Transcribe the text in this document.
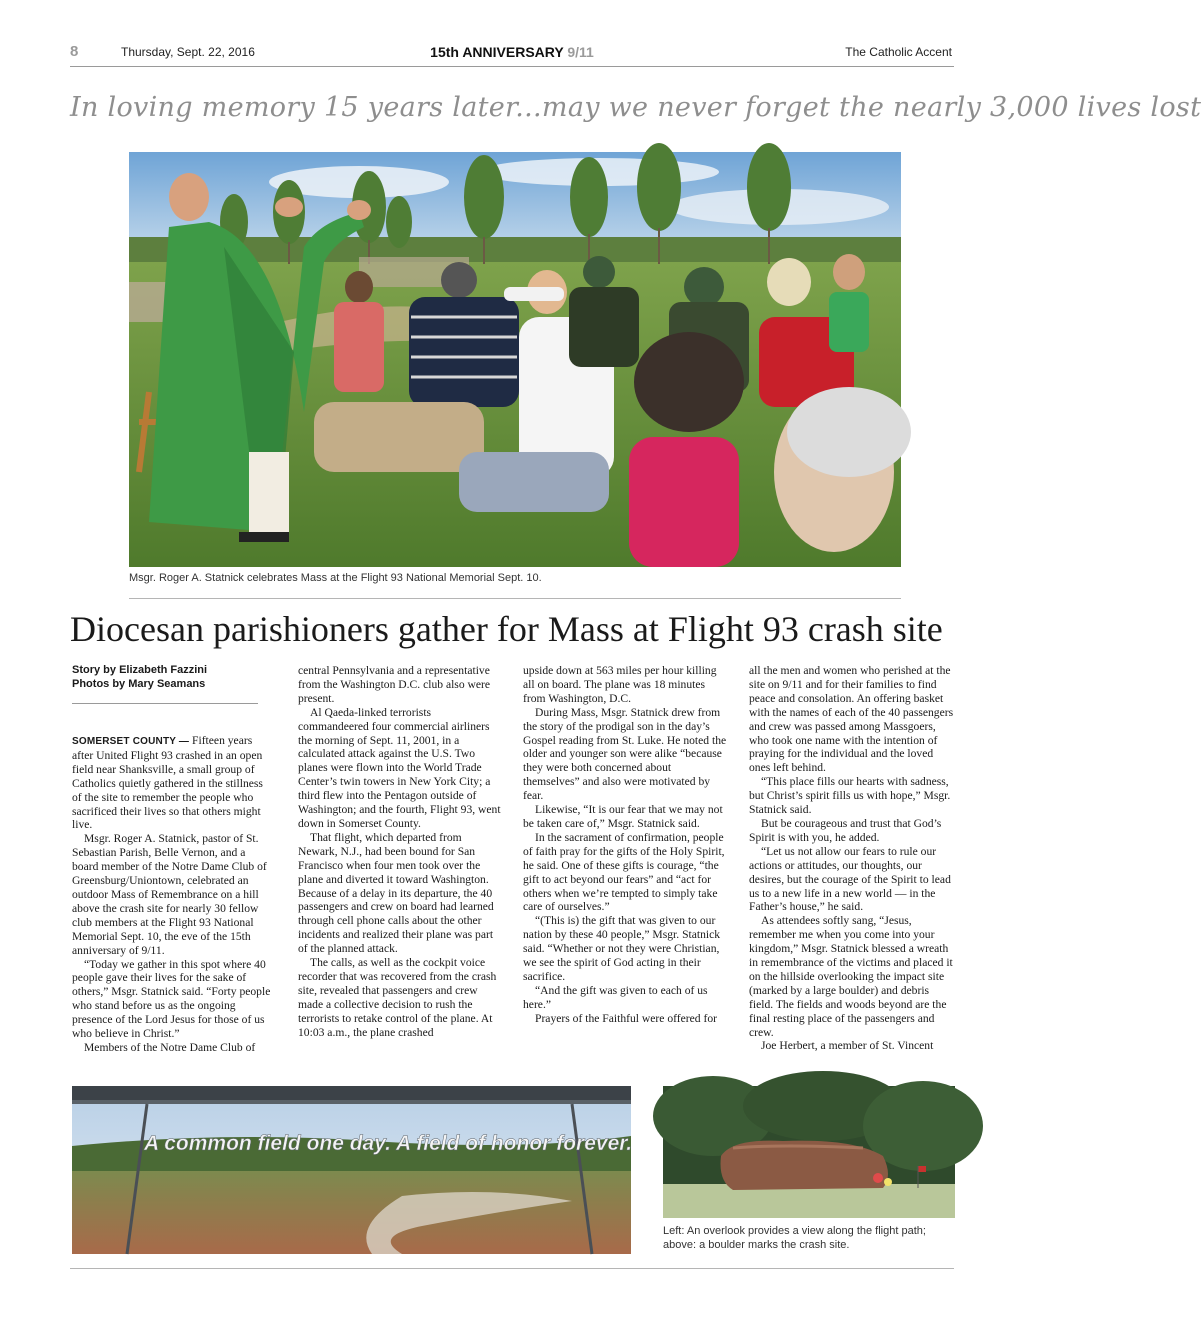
8	Thursday, Sept. 22, 2016	15th ANNIVERSARY 9/11	The Catholic Accent
In loving memory 15 years later...may we never forget the nearly 3,000 lives lost
Msgr. Roger A. Statnick celebrates Mass at the Flight 93 National Memorial Sept. 10.
Diocesan parishioners gather for Mass at Flight 93 crash site
Story by Elizabeth Fazzini
Photos by Mary Seamans

SOMERSET COUNTY — Fifteen years after United Flight 93 crashed in an open field near Shanksville, a small group of Catholics quietly gathered in the stillness of the site to remember the people who sacrificed their lives so that others might live.

Msgr. Roger A. Statnick, pastor of St. Sebastian Parish, Belle Vernon, and a board member of the Notre Dame Club of Greensburg/Uniontown, celebrated an outdoor Mass of Remembrance on a hill above the crash site for nearly 30 fellow club members at the Flight 93 National Memorial Sept. 10, the eve of the 15th anniversary of 9/11.

“Today we gather in this spot where 40 people gave their lives for the sake of others,” Msgr. Statnick said. “Forty people who stand before us as the ongoing presence of the Lord Jesus for those of us who believe in Christ.”

Members of the Notre Dame Club of

central Pennsylvania and a representative from the Washington D.C. club also were present.

Al Qaeda-linked terrorists commandeered four commercial airliners the morning of Sept. 11, 2001, in a calculated attack against the U.S. Two planes were flown into the World Trade Center’s twin towers in New York City; a third flew into the Pentagon outside of Washington; and the fourth, Flight 93, went down in Somerset County.

That flight, which departed from Newark, N.J., had been bound for San Francisco when four men took over the plane and diverted it toward Washington. Because of a delay in its departure, the 40 passengers and crew on board had learned through cell phone calls about the other incidents and realized their plane was part of the planned attack.

The calls, as well as the cockpit voice recorder that was recovered from the crash site, revealed that passengers and crew made a collective decision to rush the terrorists to retake control of the plane. At 10:03 a.m., the plane crashed

upside down at 563 miles per hour killing all on board. The plane was 18 minutes from Washington, D.C.

During Mass, Msgr. Statnick drew from the story of the prodigal son in the day’s Gospel reading from St. Luke. He noted the older and younger son were alike “because they were both concerned about themselves” and also were motivated by fear.

Likewise, “It is our fear that we may not be taken care of,” Msgr. Statnick said.

In the sacrament of confirmation, people of faith pray for the gifts of the Holy Spirit, he said. One of these gifts is courage, “the gift to act beyond our fears” and “act for others when we’re tempted to simply take care of ourselves.”

“(This is) the gift that was given to our nation by these 40 people,” Msgr. Statnick said. “Whether or not they were Christian, we see the spirit of God acting in their sacrifice.

“And the gift was given to each of us here.”

Prayers of the Faithful were offered for

all the men and women who perished at the site on 9/11 and for their families to find peace and consolation. An offering basket with the names of each of the 40 passengers and crew was passed among Massgoers, who took one name with the intention of praying for the individual and the loved ones left behind.

“This place fills our hearts with sadness, but Christ’s spirit fills us with hope,” Msgr. Statnick said.

But be courageous and trust that God’s Spirit is with you, he added.

“Let us not allow our fears to rule our actions or attitudes, our thoughts, our desires, but the courage of the Spirit to lead us to a new life in a new world — in the Father’s house,” he said.

As attendees softly sang, “Jesus, remember me when you come into your kingdom,” Msgr. Statnick blessed a wreath in remembrance of the victims and placed it on the hillside overlooking the impact site (marked by a large boulder) and debris field. The fields and woods beyond are the final resting place of the passengers and crew.

Joe Herbert, a member of St. Vincent

A common field one day. A field of honor forever.
Left: An overlook provides a view along the flight path; above: a boulder marks the crash site.
